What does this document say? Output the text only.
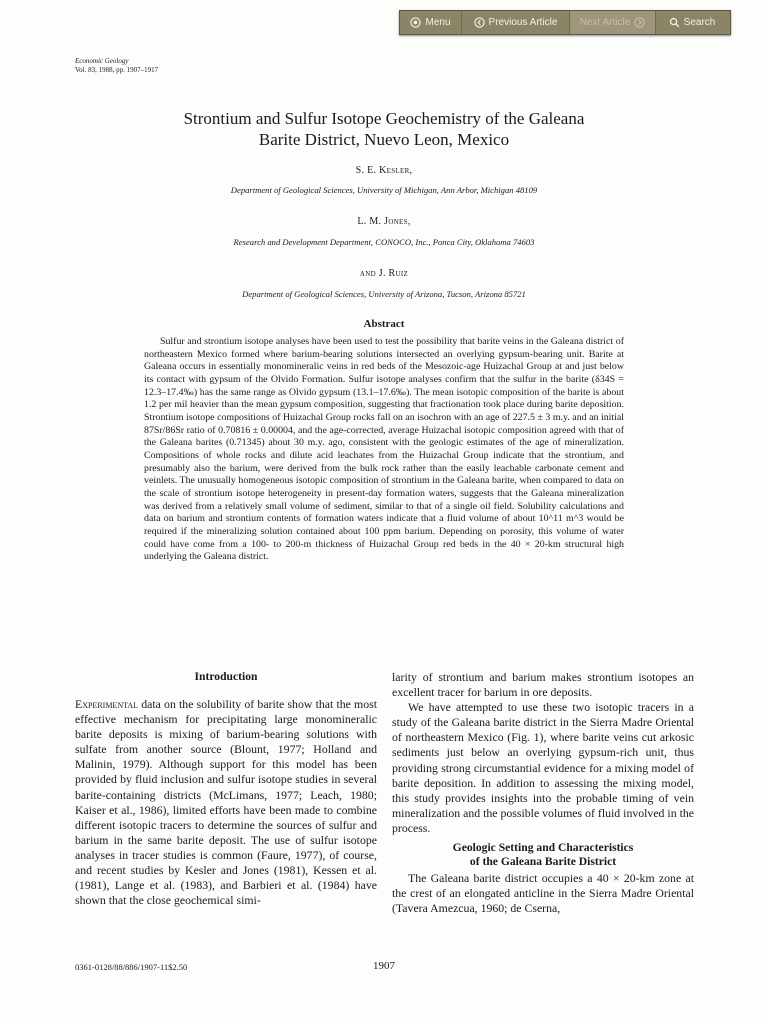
Menu	Previous Article Next Article	Search
Economic Geology
Vol. 83, 1988, pp. 1907–1917
Strontium and Sulfur Isotope Geochemistry of the Galeana
Barite District, Nuevo Leon, Mexico
S. E. Kesler,
Department of Geological Sciences, University of Michigan, Ann Arbor, Michigan 48109
L. M. Jones,
Research and Development Department, CONOCO, Inc., Ponca City, Oklahoma 74603
and J. Ruiz
Department of Geological Sciences, University of Arizona, Tucson, Arizona 85721
Abstract

Sulfur and strontium isotope analyses have been used to test the possibility that barite veins in the Galeana district of northeastern Mexico formed where barium-bearing solutions intersected an overlying gypsum-bearing unit. Barite at Galeana occurs in essentially monomineralic veins in red beds of the Mesozoic-age Huizachal Group at and just below its contact with gypsum of the Olvido Formation. Sulfur isotope analyses confirm that the sulfur in the barite (δ34S = 12.3–17.4‰) has the same range as Olvido gypsum (13.1–17.6‰). The mean isotopic composition of the barite is about 1.2 per mil heavier than the mean gypsum composition, suggesting that fractionation took place during barite deposition. Strontium isotope compositions of Huizachal Group rocks fall on an isochron with an age of 227.5 ± 3 m.y. and an initial 87Sr/86Sr ratio of 0.70816 ± 0.00004, and the age-corrected, average Huizachal isotopic composition agreed with that of the Galeana barites (0.71345) about 30 m.y. ago, consistent with the geologic estimates of the age of mineralization. Compositions of whole rocks and dilute acid leachates from the Huizachal Group indicate that the strontium, and presumably also the barium, were derived from the bulk rock rather than the easily leachable carbonate cement and veinlets. The unusually homogeneous isotopic composition of strontium in the Galeana barite, when compared to data on the scale of strontium isotope heterogeneity in present-day formation waters, suggests that the Galeana mineralization was derived from a relatively small volume of sediment, similar to that of a single oil field. Solubility calculations and data on barium and strontium contents of formation waters indicate that a fluid volume of about 10^11 m^3 would be required if the mineralizing solution contained about 100 ppm barium. Depending on porosity, this volume of water could have come from a 100- to 200-m thickness of Huizachal Group red beds in the 40 × 20-km structural high underlying the Galeana district.

Introduction

Experimental data on the solubility of barite show that the most effective mechanism for precipitating large monomineralic barite deposits is mixing of barium-bearing solutions with sulfate from another source (Blount, 1977; Holland and Malinin, 1979). Although support for this model has been provided by fluid inclusion and sulfur isotope studies in several barite-containing districts (McLimans, 1977; Leach, 1980; Kaiser et al., 1986), limited efforts have been made to combine different isotopic tracers to determine the sources of sulfur and barium in the same barite deposit. The use of sulfur isotope analyses in tracer studies is common (Faure, 1977), of course, and recent studies by Kesler and Jones (1981), Kessen et al. (1981), Lange et al. (1983), and Barbieri et al. (1984) have shown that the close geochemical simi-

larity of strontium and barium makes strontium isotopes an excellent tracer for barium in ore deposits.

We have attempted to use these two isotopic tracers in a study of the Galeana barite district in the Sierra Madre Oriental of northeastern Mexico (Fig. 1), where barite veins cut arkosic sediments just below an overlying gypsum-rich unit, thus providing strong circumstantial evidence for a mixing model of barite deposition. In addition to assessing the mixing model, this study provides insights into the probable timing of vein mineralization and the possible volumes of fluid involved in the process.

Geologic Setting and Characteristics
of the Galeana Barite District

The Galeana barite district occupies a 40 × 20-km zone at the crest of an elongated anticline in the Sierra Madre Oriental (Tavera Amezcua, 1960; de Cserna,

0361-0128/88/886/1907-11$2.50	1907
